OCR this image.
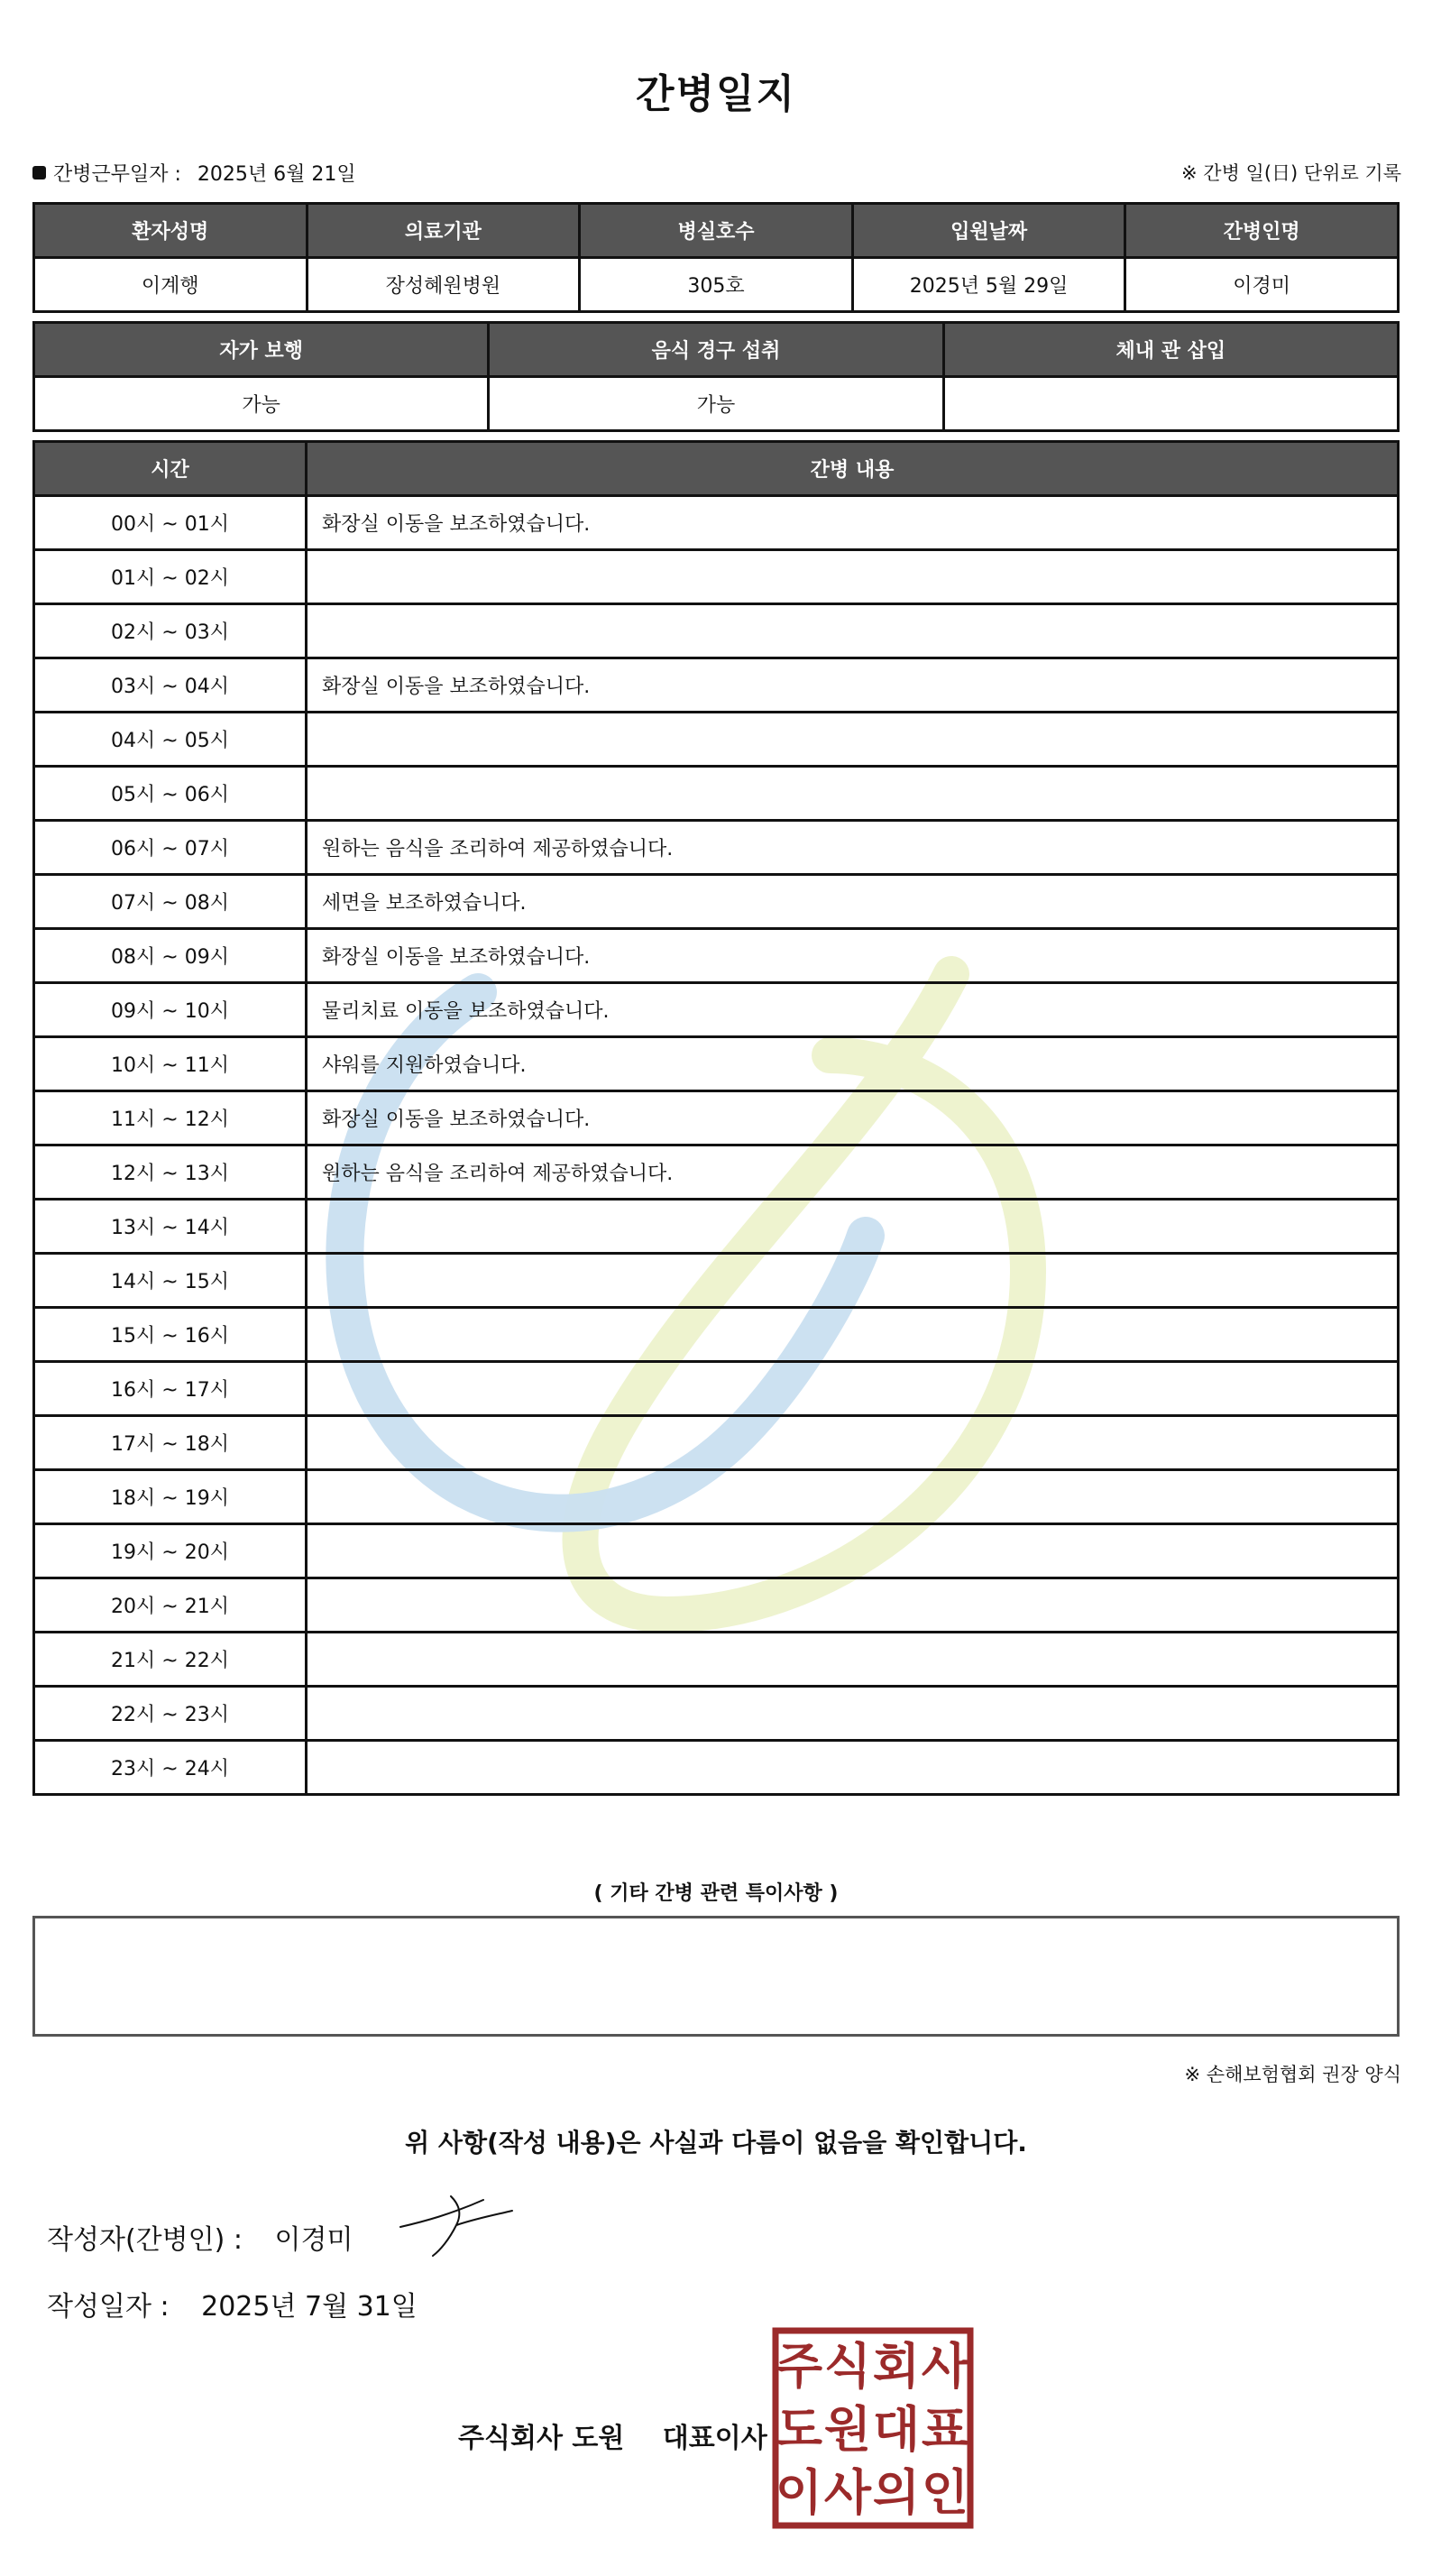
간병일지
간병근무일자 : 2025년 6월 21일	※ 간병 일(日) 단위로 기록
환자성명	의료기관	병실호수	입원날짜	간병인명
이계행	장성혜원병원	305호	2025년 5월 29일	이경미
자가 보행	음식 경구 섭취	체내 관 삽입
가능	가능	
시간	간병 내용
00시 ~ 01시	화장실 이동을 보조하였습니다.
01시 ~ 02시	
02시 ~ 03시	
03시 ~ 04시	화장실 이동을 보조하였습니다.
04시 ~ 05시	
05시 ~ 06시	
06시 ~ 07시	원하는 음식을 조리하여 제공하였습니다.
07시 ~ 08시	세면을 보조하였습니다.
08시 ~ 09시	화장실 이동을 보조하였습니다.
09시 ~ 10시	물리치료 이동을 보조하였습니다.
10시 ~ 11시	샤워를 지원하였습니다.
11시 ~ 12시	화장실 이동을 보조하였습니다.
12시 ~ 13시	원하는 음식을 조리하여 제공하였습니다.
13시 ~ 14시	
14시 ~ 15시	
15시 ~ 16시	
16시 ~ 17시	
17시 ~ 18시	
18시 ~ 19시	
19시 ~ 20시	
20시 ~ 21시	
21시 ~ 22시	
22시 ~ 23시	
23시 ~ 24시	
( 기타 간병 관련 특이사항 )
※ 손해보험협회 권장 양식
위 사항(작성 내용)은 사실과 다름이 없음을 확인합니다.
작성자(간병인) : 이경미
작성일자 : 2025년 7월 31일
주식회사 도원 대표이사
주 식 회 사
도 원 대 표
이 사 의 인
